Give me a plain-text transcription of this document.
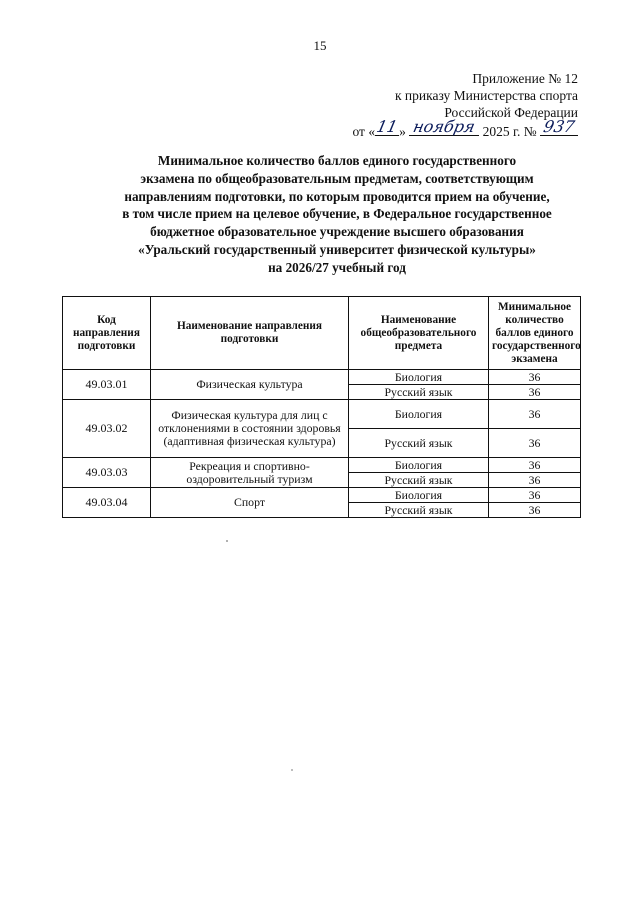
15
Приложение № 12
к приказу Министерства спорта
Российской Федерации
от « 11 » ноября 2025 г. № 937
Минимальное количество баллов единого государственного
экзамена по общеобразовательным предметам, соответствующим
направлениям подготовки, по которым проводится прием на обучение,
в том числе прием на целевое обучение, в Федеральное государственное
бюджетное образовательное учреждение высшего образования
«Уральский государственный университет физической культуры»
на 2026/27 учебный год
Код направления подготовки	Наименование направления подготовки	Наименование общеобразовательного предмета	Минимальное количество баллов единого государственного экзамена
49.03.01	Физическая культура	Биология	36
		Русский язык	36
49.03.02	Физическая культура для лиц с отклонениями в состоянии здоровья (адаптивная физическая культура)	Биология	36
		Русский язык	36
49.03.03	Рекреация и спортивно-оздоровительный туризм	Биология	36
		Русский язык	36
49.03.04	Спорт	Биология	36
		Русский язык	36
